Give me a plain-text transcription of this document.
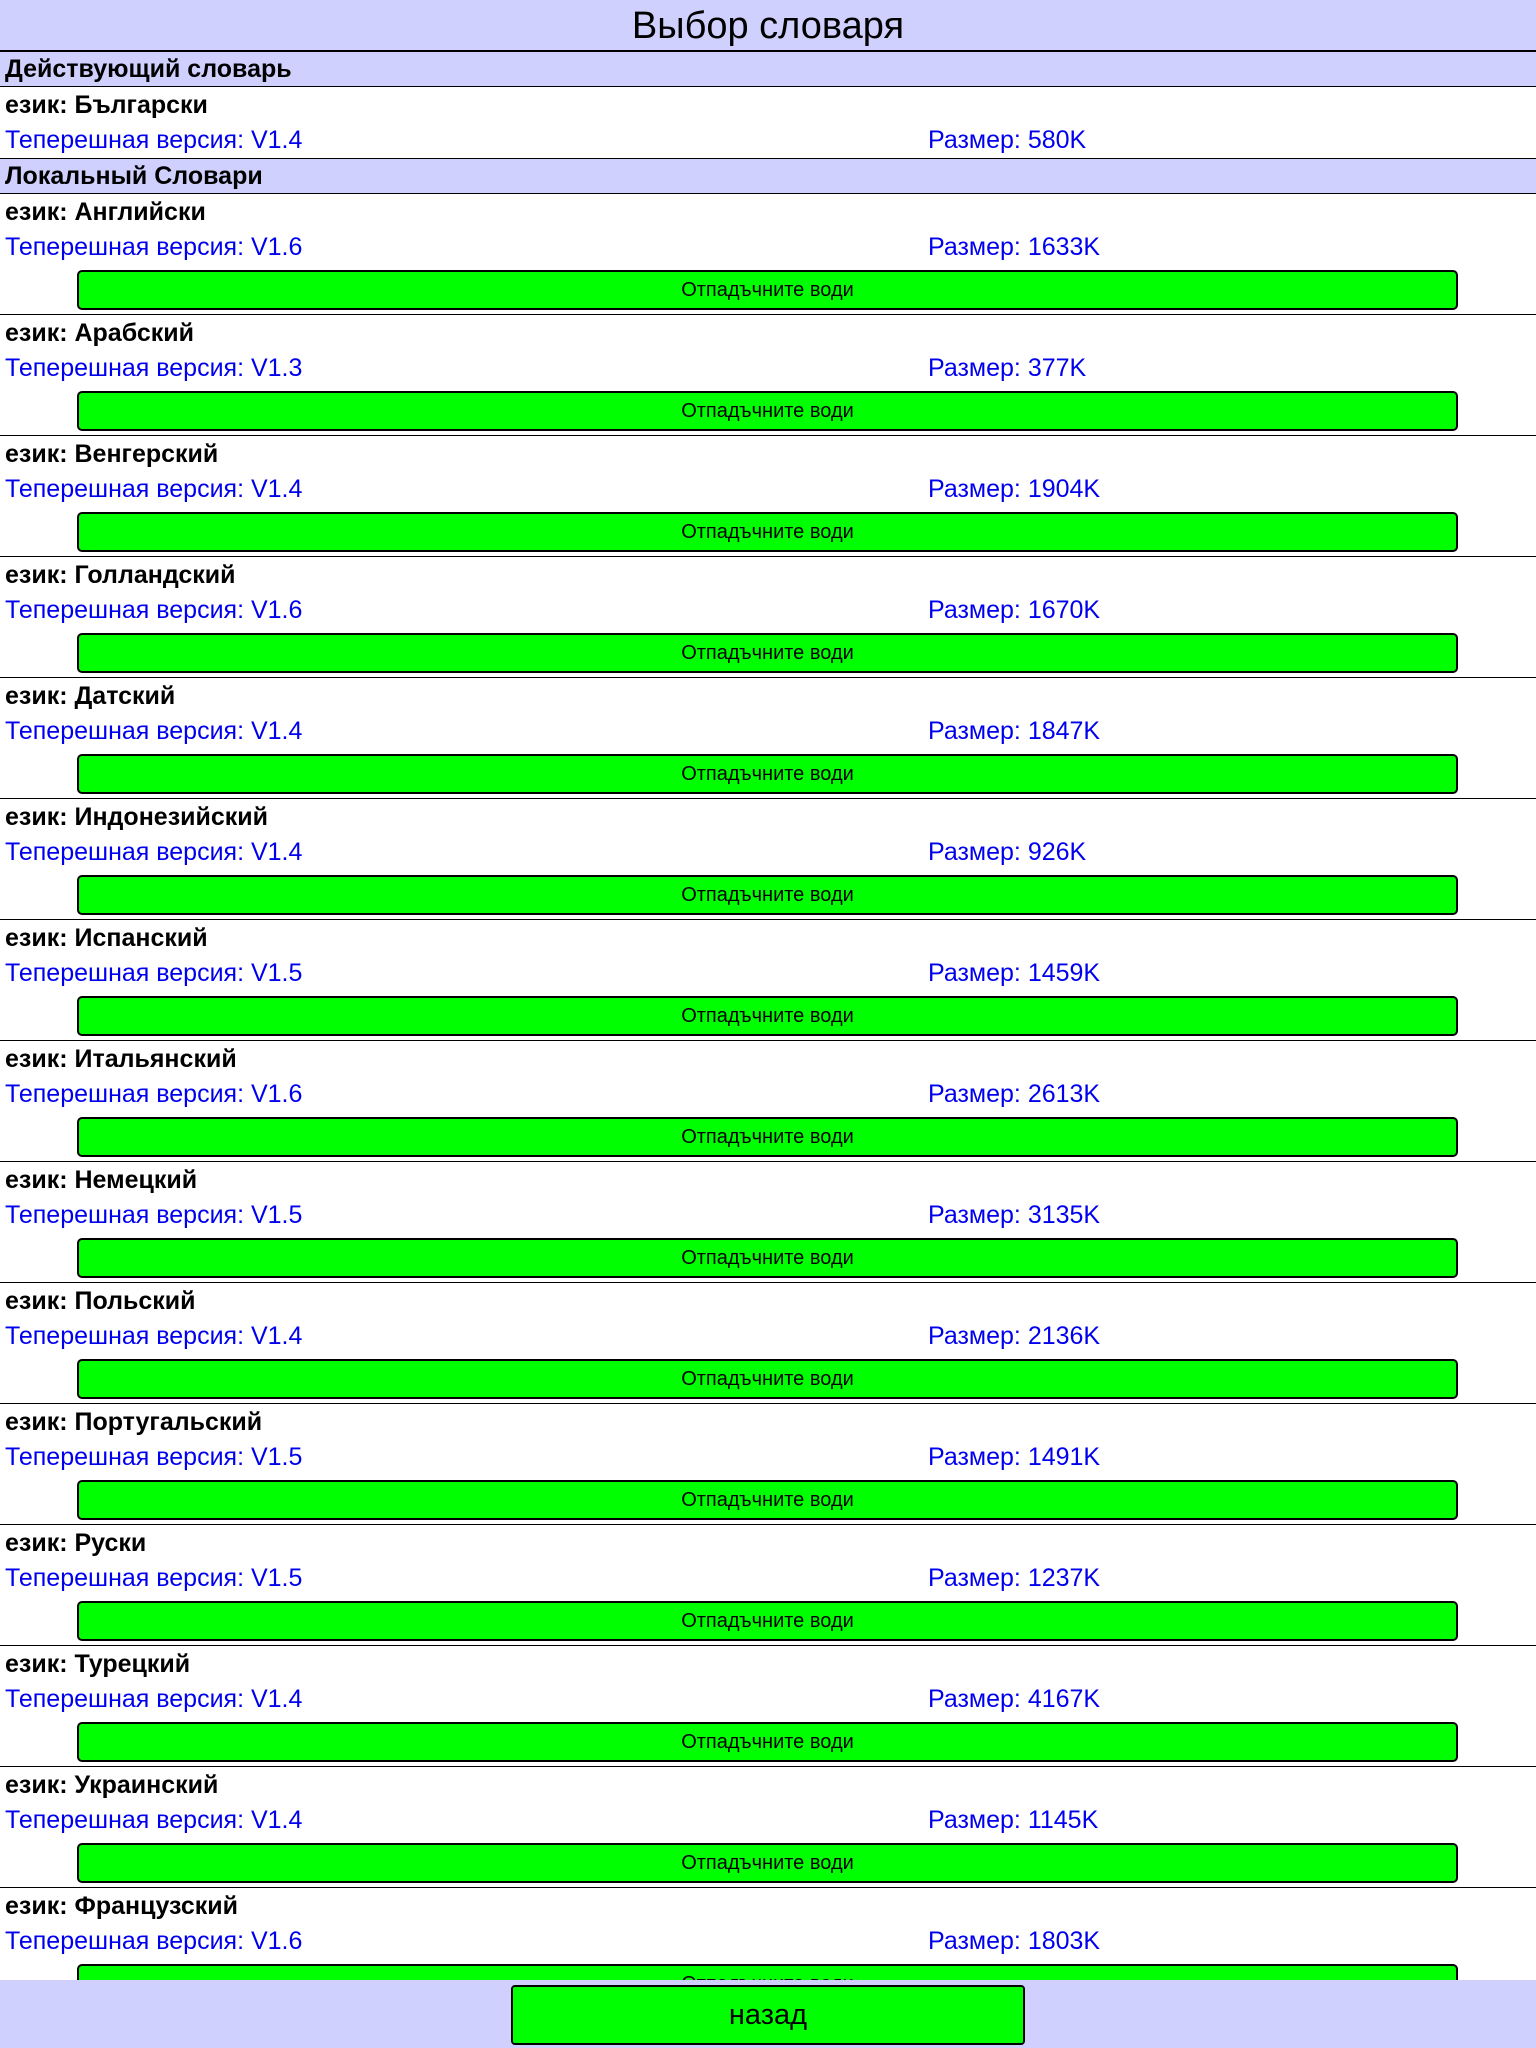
Выбор словаря
Действующий словарь
език: Български
Теперешная версия: V1.4	Размер: 580K
Локальный Словари
език: Английски
Теперешная версия: V1.6	Размер: 1633K
Отпадъчните води
език: Арабский
Теперешная версия: V1.3	Размер: 377K
Отпадъчните води
език: Венгерский
Теперешная версия: V1.4	Размер: 1904K
Отпадъчните води
език: Голландский
Теперешная версия: V1.6	Размер: 1670K
Отпадъчните води
език: Датский
Теперешная версия: V1.4	Размер: 1847K
Отпадъчните води
език: Индонезийский
Теперешная версия: V1.4	Размер: 926K
Отпадъчните води
език: Испанский
Теперешная версия: V1.5	Размер: 1459K
Отпадъчните води
език: Итальянский
Теперешная версия: V1.6	Размер: 2613K
Отпадъчните води
език: Немецкий
Теперешная версия: V1.5	Размер: 3135K
Отпадъчните води
език: Польский
Теперешная версия: V1.4	Размер: 2136K
Отпадъчните води
език: Португальский
Теперешная версия: V1.5	Размер: 1491K
Отпадъчните води
език: Руски
Теперешная версия: V1.5	Размер: 1237K
Отпадъчните води
език: Турецкий
Теперешная версия: V1.4	Размер: 4167K
Отпадъчните води
език: Украинский
Теперешная версия: V1.4	Размер: 1145K
Отпадъчните води
език: Французский
Теперешная версия: V1.6	Размер: 1803K
назад
